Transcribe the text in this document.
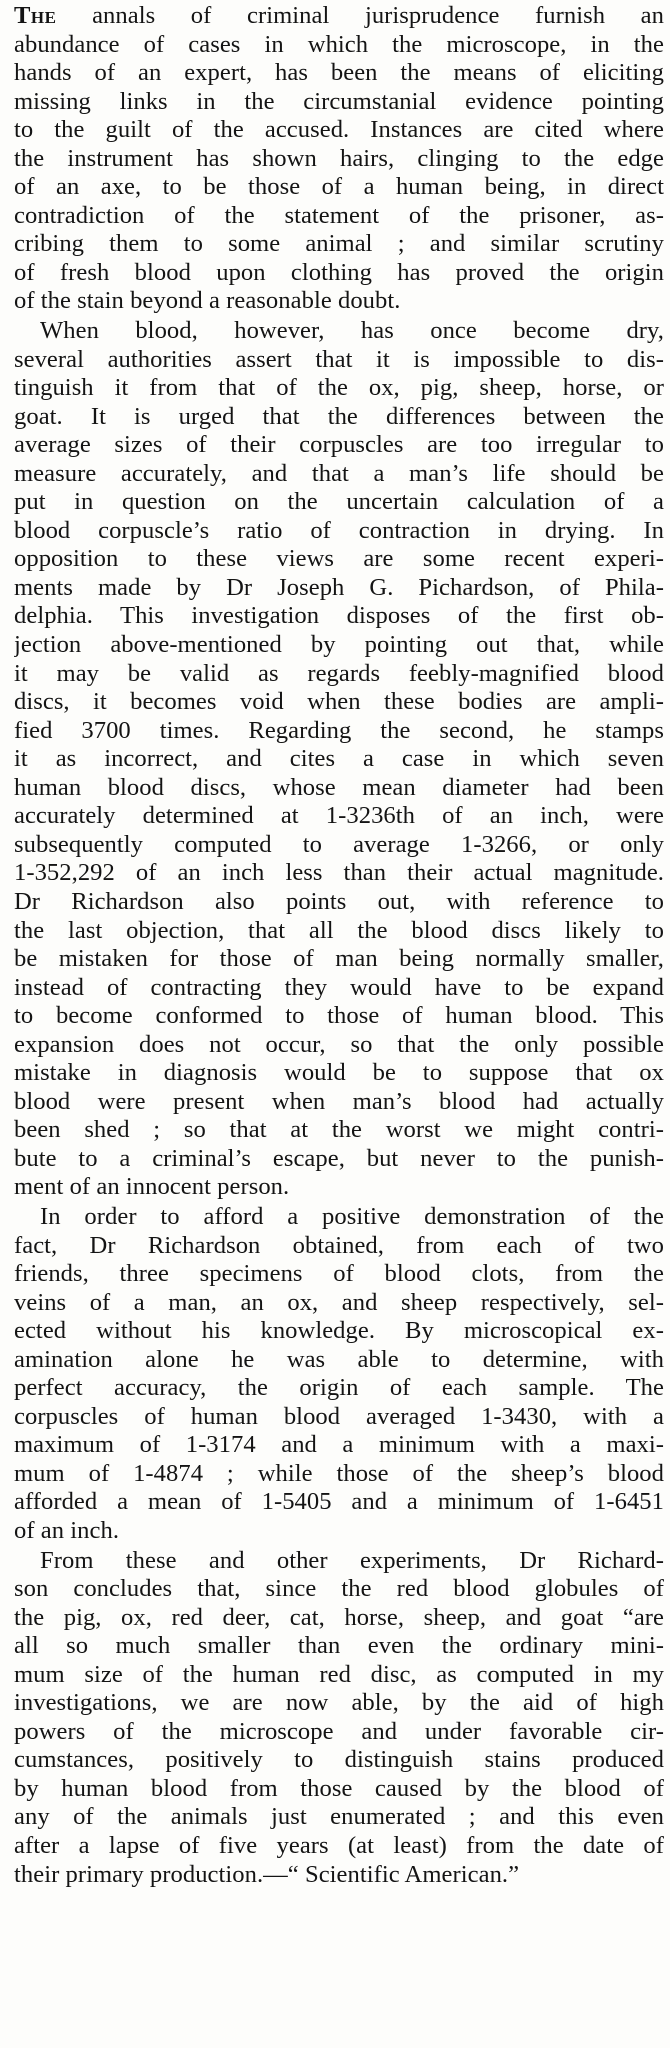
The annals of criminal jurisprudence furnish an
abundance of cases in which the microscope, in the
hands of an expert, has been the means of eliciting
missing links in the circumstanial evidence pointing
to the guilt of the accused. Instances are cited where
the instrument has shown hairs, clinging to the edge
of an axe, to be those of a human being, in direct
contradiction of the statement of the prisoner, as-
cribing them to some animal ; and similar scrutiny
of fresh blood upon clothing has proved the origin
of the stain beyond a reasonable doubt.

When blood, however, has once become dry,
several authorities assert that it is impossible to dis-
tinguish it from that of the ox, pig, sheep, horse, or
goat. It is urged that the differences between the
average sizes of their corpuscles are too irregular to
measure accurately, and that a man’s life should be
put in question on the uncertain calculation of a
blood corpuscle’s ratio of contraction in drying. In
opposition to these views are some recent experi-
ments made by Dr Joseph G. Pichardson, of Phila-
delphia. This investigation disposes of the first ob-
jection above-mentioned by pointing out that, while
it may be valid as regards feebly-magnified blood
discs, it becomes void when these bodies are ampli-
fied 3700 times. Regarding the second, he stamps
it as incorrect, and cites a case in which seven
human blood discs, whose mean diameter had been
accurately determined at 1-3236th of an inch, were
subsequently computed to average 1-3266, or only
1-352,292 of an inch less than their actual magnitude.
Dr Richardson also points out, with reference to
the last objection, that all the blood discs likely to
be mistaken for those of man being normally smaller,
instead of contracting they would have to be expand
to become conformed to those of human blood. This
expansion does not occur, so that the only possible
mistake in diagnosis would be to suppose that ox
blood were present when man’s blood had actually
been shed ; so that at the worst we might contri-
bute to a criminal’s escape, but never to the punish-
ment of an innocent person.

In order to afford a positive demonstration of the
fact, Dr Richardson obtained, from each of two
friends, three specimens of blood clots, from the
veins of a man, an ox, and sheep respectively, sel-
ected without his knowledge. By microscopical ex-
amination alone he was able to determine, with
perfect accuracy, the origin of each sample. The
corpuscles of human blood averaged 1-3430, with a
maximum of 1-3174 and a minimum with a maxi-
mum of 1-4874 ; while those of the sheep’s blood
afforded a mean of 1-5405 and a minimum of 1-6451
of an inch.

From these and other experiments, Dr Richard-
son concludes that, since the red blood globules of
the pig, ox, red deer, cat, horse, sheep, and goat “are
all so much smaller than even the ordinary mini-
mum size of the human red disc, as computed in my
investigations, we are now able, by the aid of high
powers of the microscope and under favorable cir-
cumstances, positively to distinguish stains produced
by human blood from those caused by the blood of
any of the animals just enumerated ; and this even
after a lapse of five years (at least) from the date of
their primary production.—“ Scientific American.”
